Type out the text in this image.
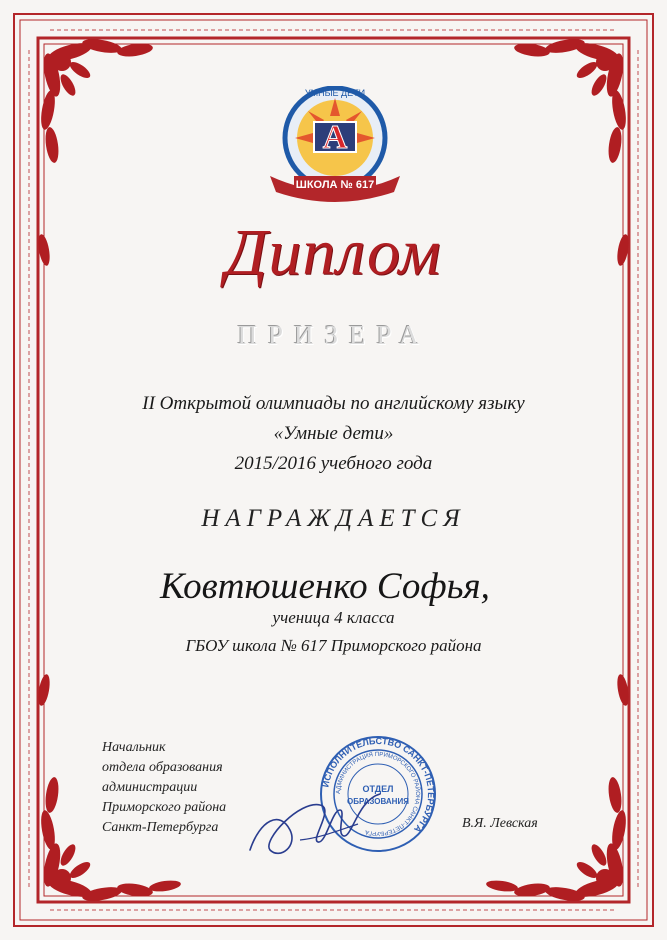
А
УМНЫЕ ДЕТИ
ШКОЛА № 617
Диплом
ПРИЗЕРА
II Открытой олимпиады по английскому языку
«Умные дети»
2015/2016 учебного года
НАГРАЖДАЕТСЯ
Ковтюшенко Софья,
ученица 4 класса
ГБОУ школа № 617 Приморского района
Начальник
отдела образования
администрации
Приморского района
Санкт-Петербурга
ИСПОЛНИТЕЛЬСТВО САНКТ-ПЕТЕРБУРГА
АДМИНИСТРАЦИЯ ПРИМОРСКОГО РАЙОНА САНКТ-ПЕТЕРБУРГА
ОТДЕЛ
ОБРАЗОВАНИЯ
В.Я. Левская
